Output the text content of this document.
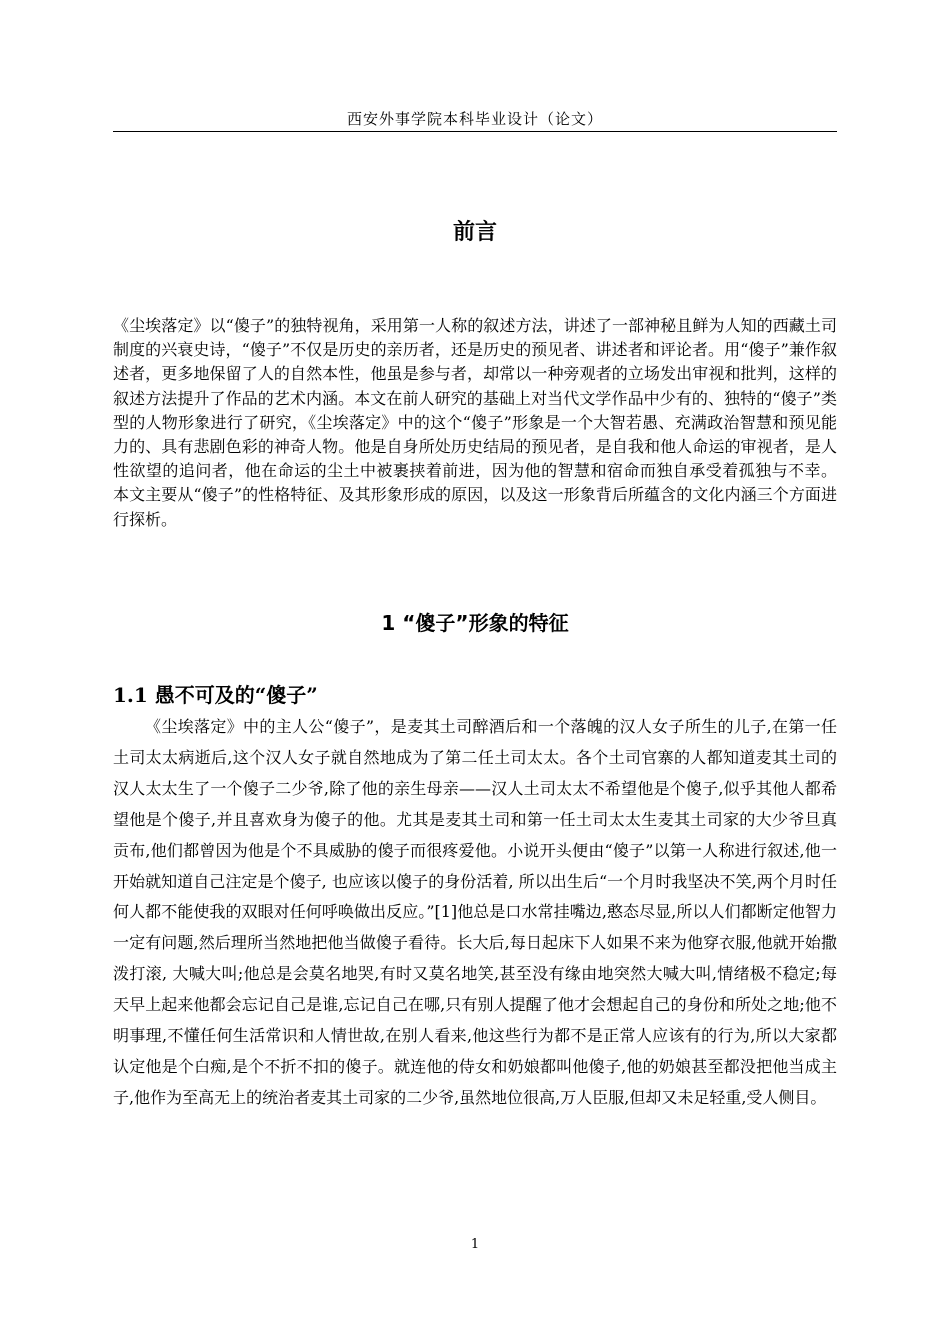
西安外事学院本科毕业设计（论文）
前言

《尘埃落定》以“傻子”的独特视角，采用第一人称的叙述方法，讲述了一部神秘且鲜为人知的西藏土司制度的兴衰史诗，“傻子”不仅是历史的亲历者，还是历史的预见者、讲述者和评论者。用“傻子”兼作叙述者，更多地保留了人的自然本性，他虽是参与者，却常以一种旁观者的立场发出审视和批判，这样的叙述方法提升了作品的艺术内涵。本文在前人研究的基础上对当代文学作品中少有的、独特的“傻子”类型的人物形象进行了研究，《尘埃落定》中的这个“傻子”形象是一个大智若愚、充满政治智慧和预见能力的、具有悲剧色彩的神奇人物。他是自身所处历史结局的预见者，是自我和他人命运的审视者，是人性欲望的追问者，他在命运的尘土中被裹挟着前进，因为他的智慧和宿命而独自承受着孤独与不幸。 本文主要从“傻子”的性格特征、及其形象形成的原因，以及这一形象背后所蕴含的文化内涵三个方面进行探析。

1 “傻子”形象的特征
1.1 愚不可及的“傻子”

《尘埃落定》中的主人公“傻子”，是麦其土司醉酒后和一个落魄的汉人女子所生的儿子,在第一任土司太太病逝后,这个汉人女子就自然地成为了第二任土司太太。各个土司官寨的人都知道麦其土司的汉人太太生了一个傻子二少爷,除了他的亲生母亲——汉人土司太太不希望他是个傻子,似乎其他人都希望他是个傻子,并且喜欢身为傻子的他。尤其是麦其土司和第一任土司太太生麦其土司家的大少爷旦真贡布,他们都曾因为他是个不具威胁的傻子而很疼爱他。小说开头便由“傻子”以第一人称进行叙述,他一开始就知道自己注定是个傻子, 也应该以傻子的身份活着, 所以出生后“一个月时我坚决不笑,两个月时任何人都不能使我的双眼对任何呼唤做出反应。”[1]他总是口水常挂嘴边,憨态尽显,所以人们都断定他智力一定有问题,然后理所当然地把他当做傻子看待。长大后,每日起床下人如果不来为他穿衣服,他就开始撒泼打滚, 大喊大叫;他总是会莫名地哭,有时又莫名地笑,甚至没有缘由地突然大喊大叫,情绪极不稳定;每天早上起来他都会忘记自己是谁,忘记自己在哪,只有别人提醒了他才会想起自己的身份和所处之地;他不明事理,不懂任何生活常识和人情世故,在别人看来,他这些行为都不是正常人应该有的行为,所以大家都认定他是个白痴,是个不折不扣的傻子。就连他的侍女和奶娘都叫他傻子,他的奶娘甚至都没把他当成主子,他作为至高无上的统治者麦其土司家的二少爷,虽然地位很高,万人臣服,但却又未足轻重,受人侧目。

1
